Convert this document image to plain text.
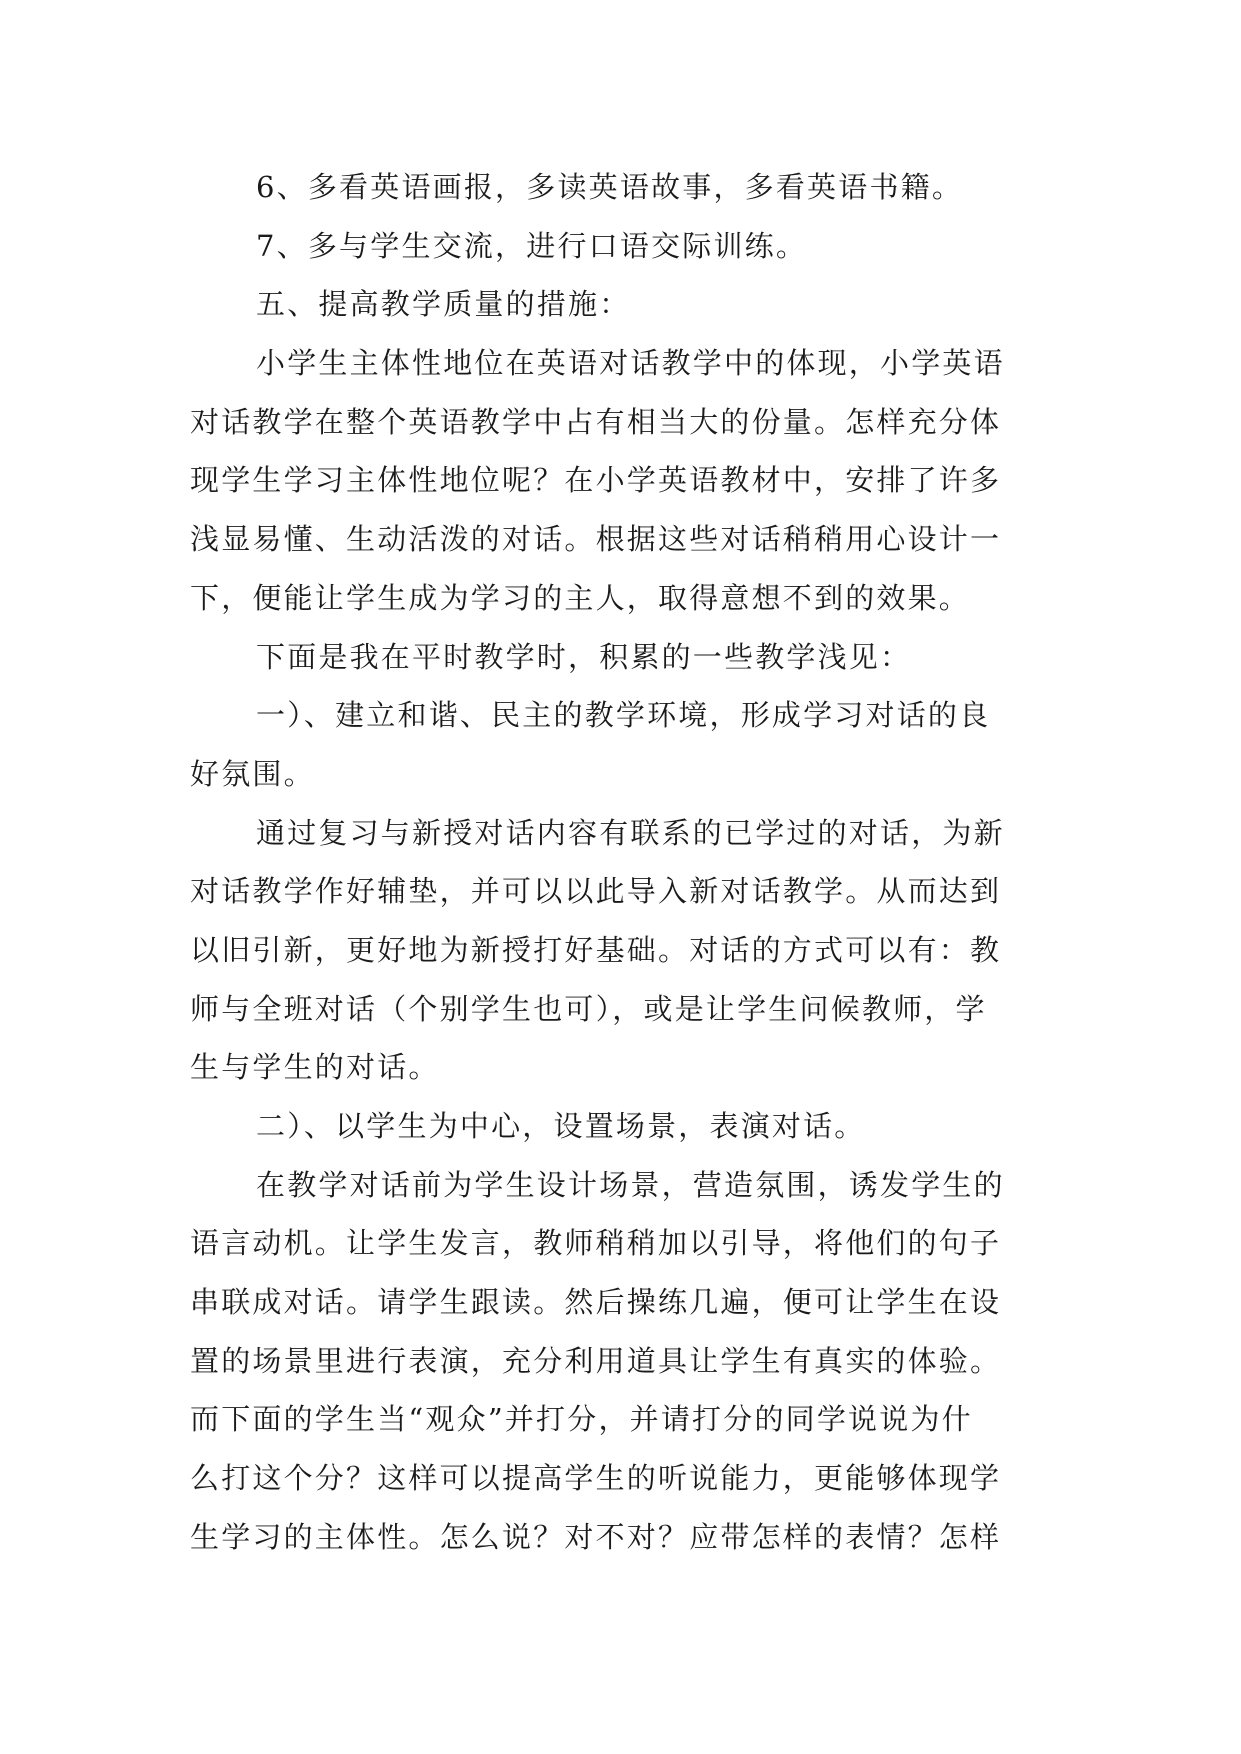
6、多看英语画报，多读英语故事，多看英语书籍。
7、多与学生交流，进行口语交际训练。
五、提高教学质量的措施：
小学生主体性地位在英语对话教学中的体现，小学英语
对话教学在整个英语教学中占有相当大的份量。怎样充分体
现学生学习主体性地位呢？在小学英语教材中，安排了许多
浅显易懂、生动活泼的对话。根据这些对话稍稍用心设计一
下，便能让学生成为学习的主人，取得意想不到的效果。
下面是我在平时教学时，积累的一些教学浅见：
一）、建立和谐、民主的教学环境，形成学习对话的良
好氛围。
通过复习与新授对话内容有联系的已学过的对话，为新
对话教学作好辅垫，并可以以此导入新对话教学。从而达到
以旧引新，更好地为新授打好基础。对话的方式可以有：教
师与全班对话（个别学生也可），或是让学生问候教师，学
生与学生的对话。
二）、以学生为中心，设置场景，表演对话。
在教学对话前为学生设计场景，营造氛围，诱发学生的
语言动机。让学生发言，教师稍稍加以引导，将他们的句子
串联成对话。请学生跟读。然后操练几遍，便可让学生在设
置的场景里进行表演，充分利用道具让学生有真实的体验。
而下面的学生当“观众”并打分，并请打分的同学说说为什
么打这个分？这样可以提高学生的听说能力，更能够体现学
生学习的主体性。怎么说？对不对？应带怎样的表情？怎样
